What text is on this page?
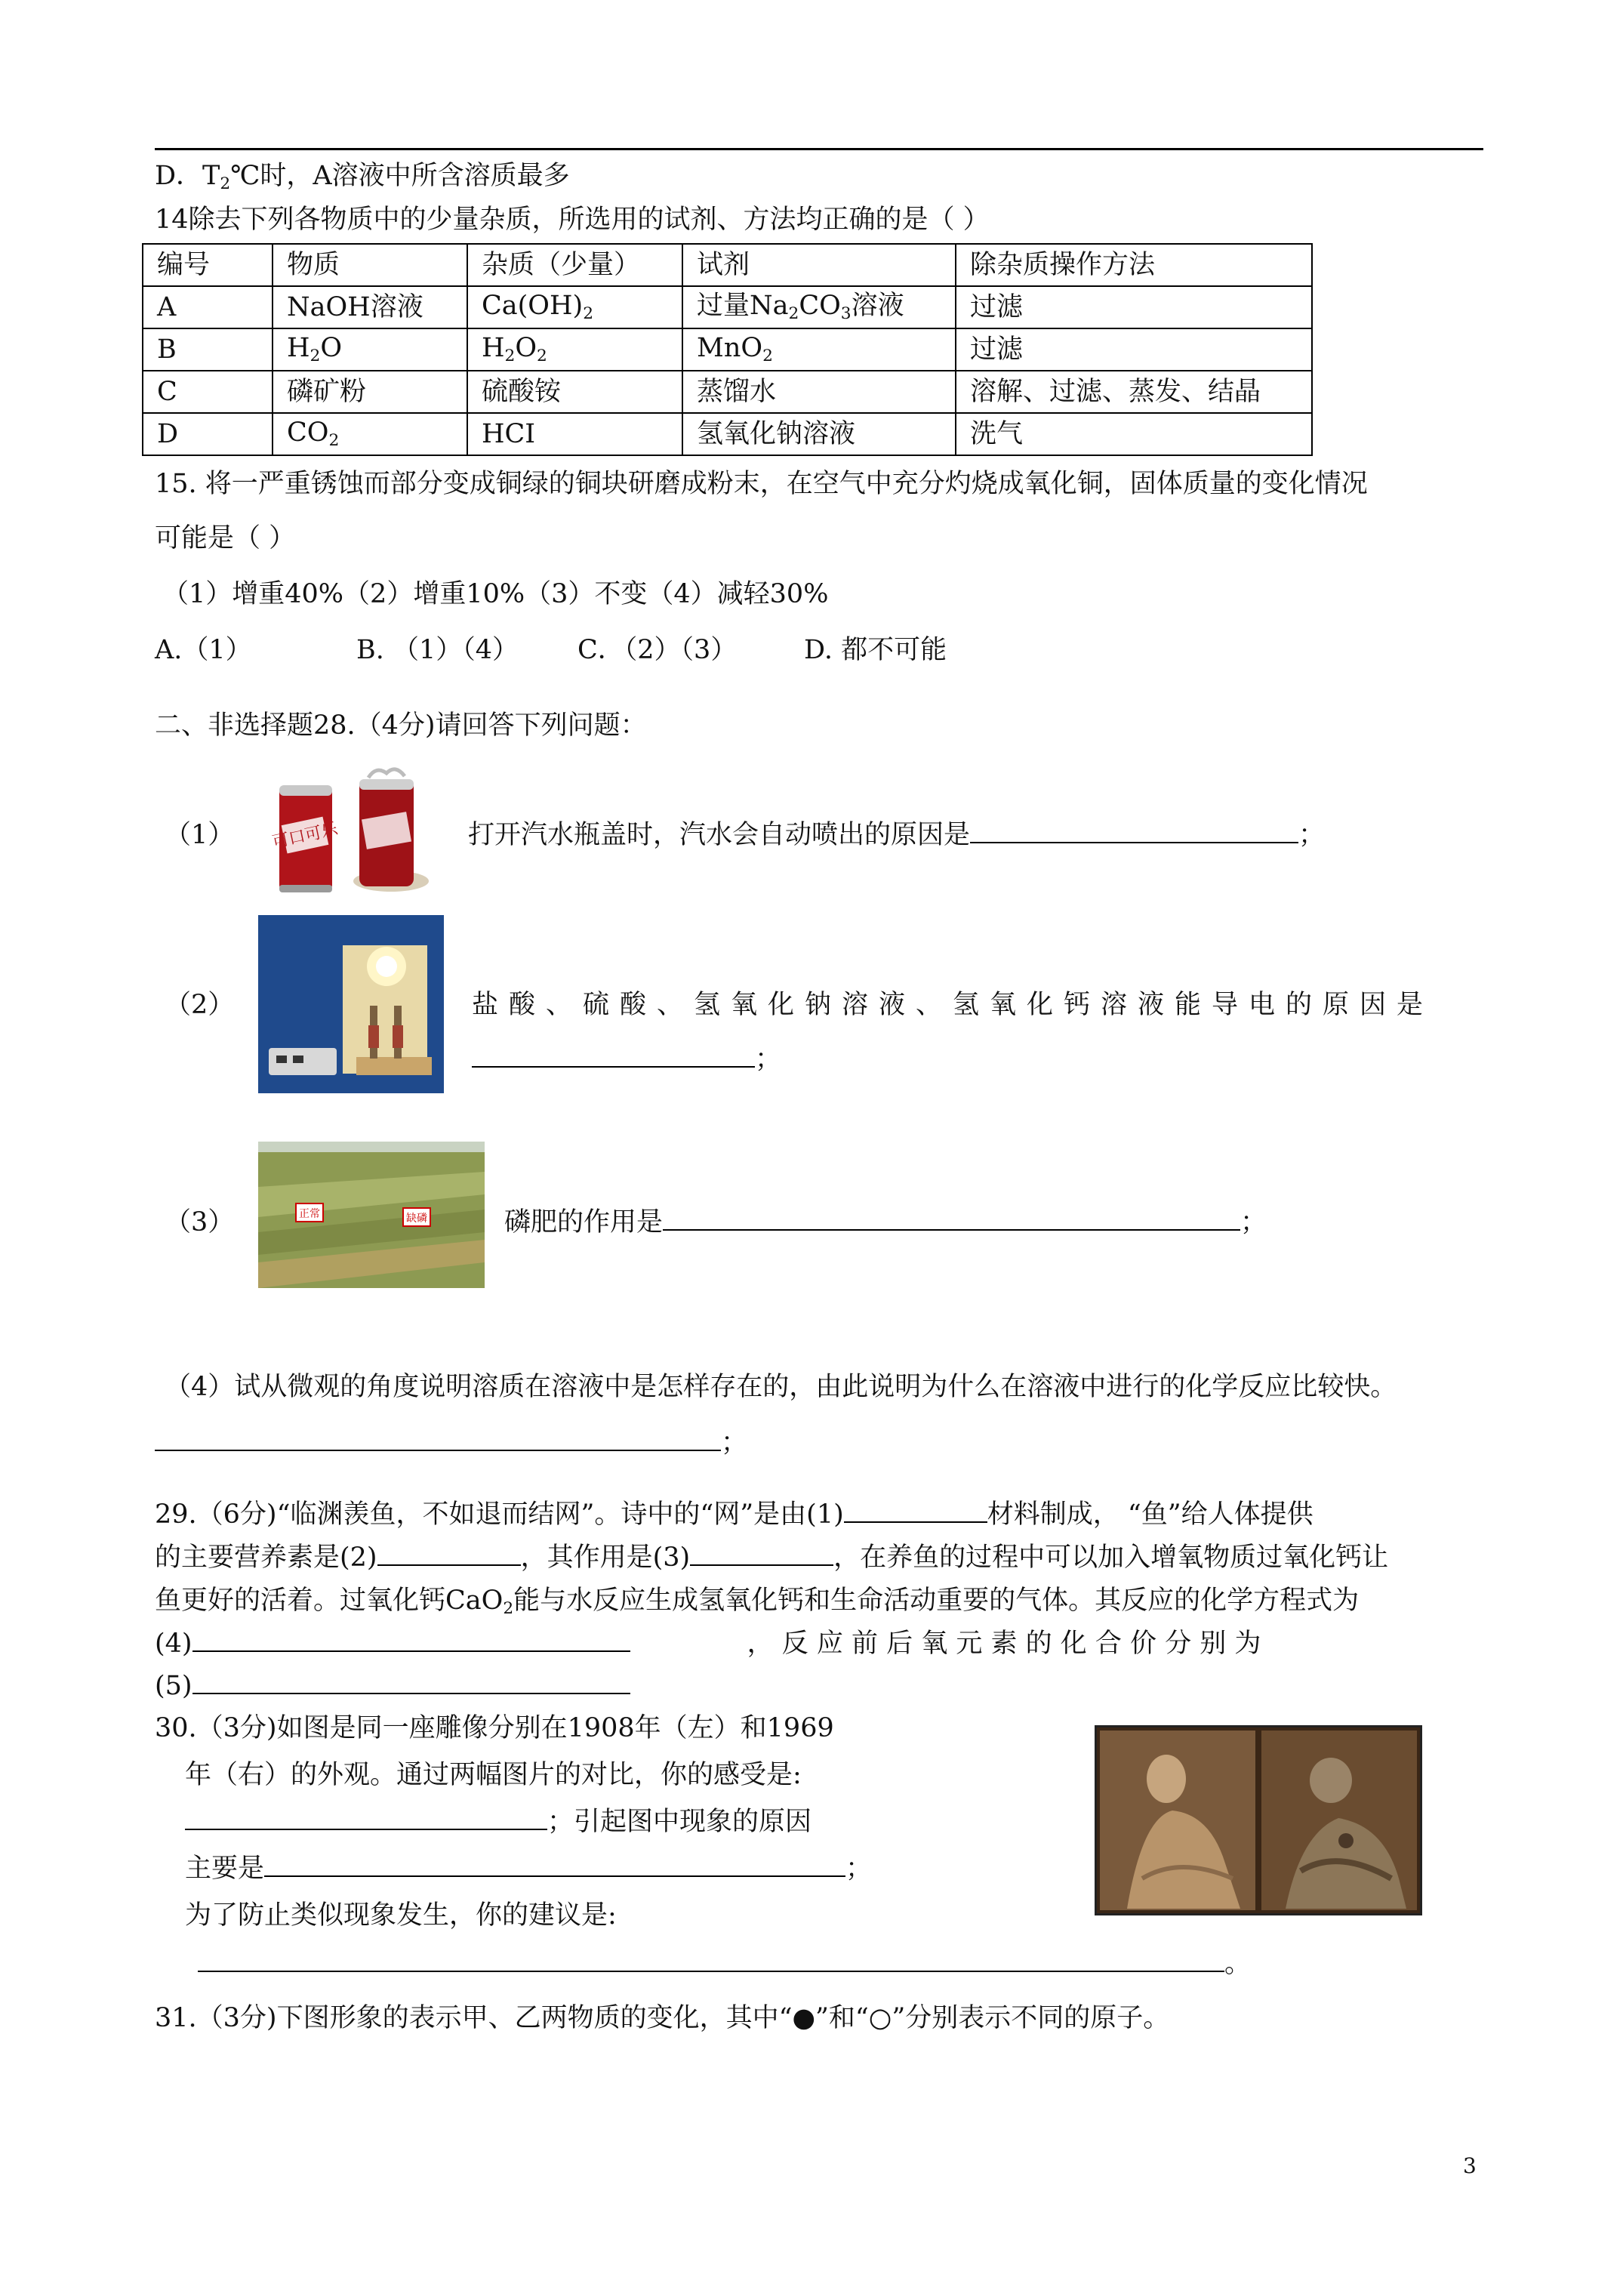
D．$T_2℃$时，A溶液中所含溶质最多
14除去下列各物质中的少量杂质，所选用的试剂、方法均正确的是（ ）
编号	物质	杂质（少量）	试剂	除杂质操作方法
A	NaOH溶液	$Ca(OH)_2$	过量$Na_2CO_3$溶液	过滤
B	$H_2O$	$H_2O_2$	MnO$_2$	过滤
C	磷矿粉	硫酸铵	蒸馏水	溶解、过滤、蒸发、结晶
D	$CO_2$	HCI	氢氧化钠溶液	洗气
15. 将一严重锈蚀而部分变成铜绿的铜块研磨成粉末，在空气中充分灼烧成氧化铜，固体质量的变化情况
可能是（ ）
（1）增重40%（2）增重10%（3）不变（4）减轻30%
A.（1）	B. （1）（4） C．（2）（3）	D. 都不可能
二、非选择题28.（4分)请回答下列问题：
（1） 可口可乐	打开汽水瓶盖时，汽水会自动喷出的原因是	；
（2）	盐酸、硫酸、氢氧化钠溶液、氢氧化钙溶液能导电的原因是
；
（3）	正常	缺磷	磷肥的作用是	；
（4）试从微观的角度说明溶质在溶液中是怎样存在的，由此说明为什么在溶液中进行的化学反应比较快。
；
29.（6分)“临渊羡鱼，不如退而结网”。诗中的“网”是由(1)	材料制成， “鱼”给人体提供
的主要营养素是(2)	，其作用是(3)	，在养鱼的过程中可以加入增氧物质过氧化钙让
鱼更好的活着。过氧化钙CaO$_2$能与水反应生成氢氧化钙和生命活动重要的气体。其反应的化学方程式为
(4)	， 反 应 前 后 氧 元 素 的 化 合 价 分 别 为
(5)
30.（3分)如图是同一座雕像分别在1908年（左）和1969
年（右）的外观。通过两幅图片的对比，你的感受是:
；引起图中现象的原因
主要是	；
为了防止类似现象发生，你的建议是:
。
31.（3分)下图形象的表示甲、乙两物质的变化，其中“●”和“○”分别表示不同的原子。
3
